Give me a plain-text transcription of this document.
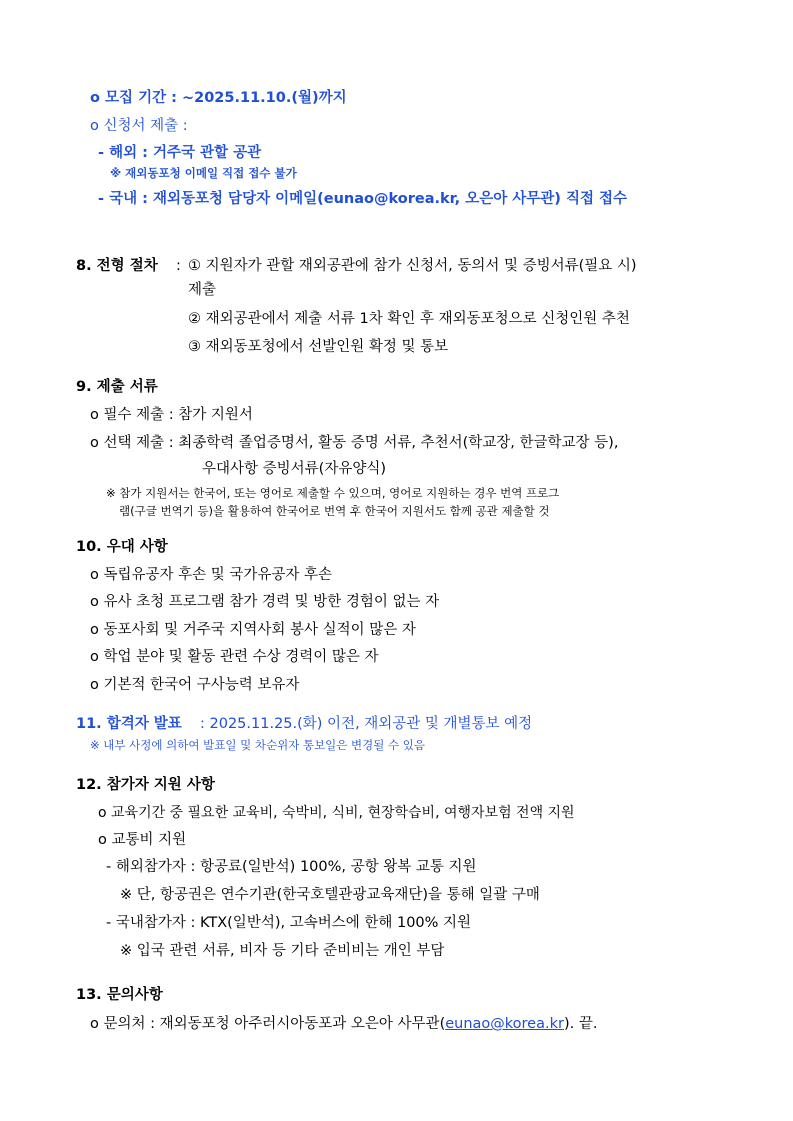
o 모집 기간 : ~2025.11.10.(월)까지
o 신청서 제출 :
- 해외 : 거주국 관할 공관
※ 재외동포청 이메일 직접 접수 불가
- 국내 : 재외동포청 담당자 이메일(eunao@korea.kr, 오은아 사무관) 직접 접수
8. 전형 절차 : ① 지원자가 관할 재외공관에 참가 신청서, 동의서 및 증빙서류(필요 시)
제출
② 재외공관에서 제출 서류 1차 확인 후 재외동포청으로 신청인원 추천
③ 재외동포청에서 선발인원 확정 및 통보
9. 제출 서류
o 필수 제출 : 참가 지원서
o 선택 제출 : 최종학력 졸업증명서, 활동 증명 서류, 추천서(학교장, 한글학교장 등),
우대사항 증빙서류(자유양식)
※ 참가 지원서는 한국어, 또는 영어로 제출할 수 있으며, 영어로 지원하는 경우 번역 프로그
램(구글 번역기 등)을 활용하여 한국어로 번역 후 한국어 지원서도 함께 공관 제출할 것
10. 우대 사항
o 독립유공자 후손 및 국가유공자 후손
o 유사 초청 프로그램 참가 경력 및 방한 경험이 없는 자
o 동포사회 및 거주국 지역사회 봉사 실적이 많은 자
o 학업 분야 및 활동 관련 수상 경력이 많은 자
o 기본적 한국어 구사능력 보유자
11. 합격자 발표 : 2025.11.25.(화) 이전, 재외공관 및 개별통보 예정
※ 내부 사정에 의하여 발표일 및 차순위자 통보일은 변경될 수 있음
12. 참가자 지원 사항
o 교육기간 중 필요한 교육비, 숙박비, 식비, 현장학습비, 여행자보험 전액 지원
o 교통비 지원
- 해외참가자 : 항공료(일반석) 100%, 공항 왕복 교통 지원
※ 단, 항공권은 연수기관(한국호텔관광교육재단)을 통해 일괄 구매
- 국내참가자 : KTX(일반석), 고속버스에 한해 100% 지원
※ 입국 관련 서류, 비자 등 기타 준비비는 개인 부담
13. 문의사항
o 문의처 : 재외동포청 아주러시아동포과 오은아 사무관(eunao@korea.kr). 끝.
